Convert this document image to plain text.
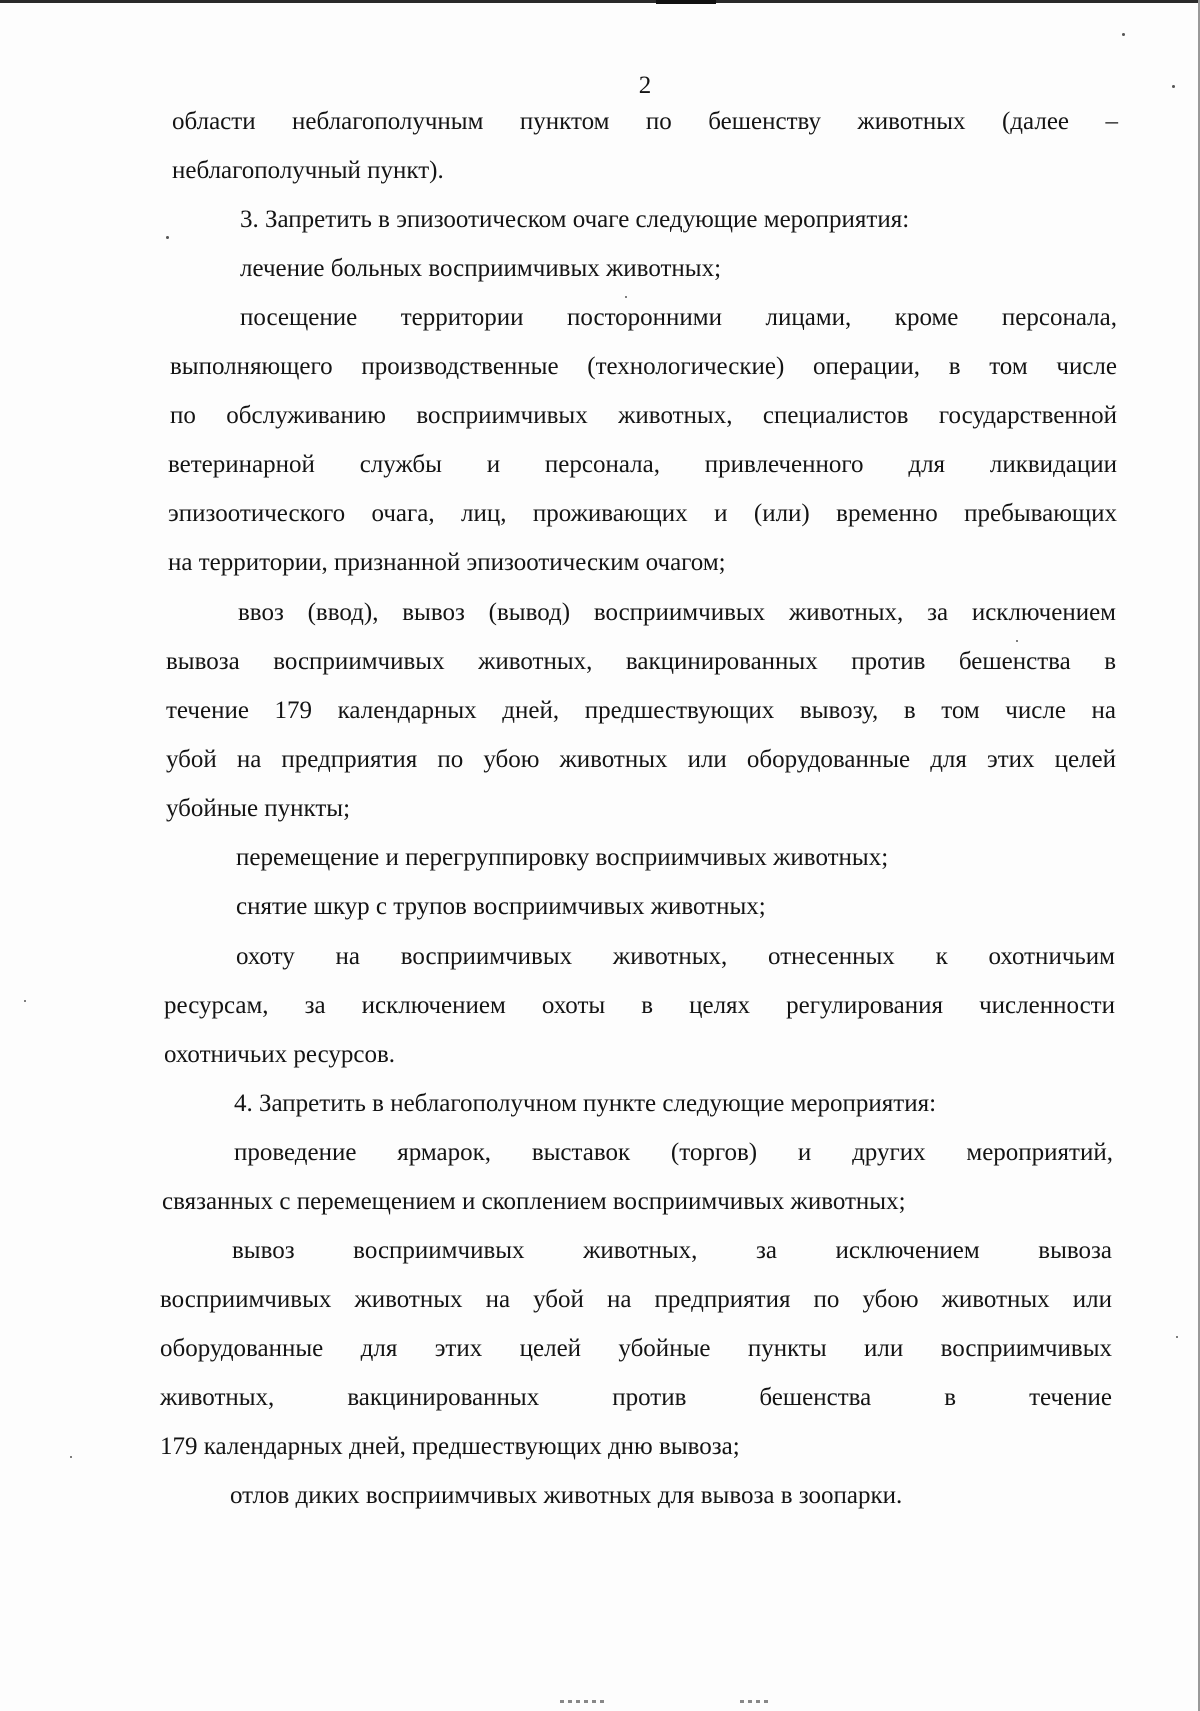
2
области неблагополучным пунктом по бешенству животных (далее –
неблагополучный пункт).
3. Запретить в эпизоотическом очаге следующие мероприятия:
лечение больных восприимчивых животных;
посещение территории посторонними лицами, кроме персонала,
выполняющего производственные (технологические) операции, в том числе
по обслуживанию восприимчивых животных, специалистов государственной
ветеринарной службы и персонала, привлеченного для ликвидации
эпизоотического очага, лиц, проживающих и (или) временно пребывающих
на территории, признанной эпизоотическим очагом;
ввоз (ввод), вывоз (вывод) восприимчивых животных, за исключением
вывоза восприимчивых животных, вакцинированных против бешенства в
течение 179 календарных дней, предшествующих вывозу, в том числе на
убой на предприятия по убою животных или оборудованные для этих целей
убойные пункты;
перемещение и перегруппировку восприимчивых животных;
снятие шкур с трупов восприимчивых животных;
охоту на восприимчивых животных, отнесенных к охотничьим
ресурсам, за исключением охоты в целях регулирования численности
охотничьих ресурсов.
4. Запретить в неблагополучном пункте следующие мероприятия:
проведение ярмарок, выставок (торгов) и других мероприятий,
связанных с перемещением и скоплением восприимчивых животных;
вывоз восприимчивых животных, за исключением вывоза
восприимчивых животных на убой на предприятия по убою животных или
оборудованные для этих целей убойные пункты или восприимчивых
животных, вакцинированных против бешенства в течение
179 календарных дней, предшествующих дню вывоза;
отлов диких восприимчивых животных для вывоза в зоопарки.
